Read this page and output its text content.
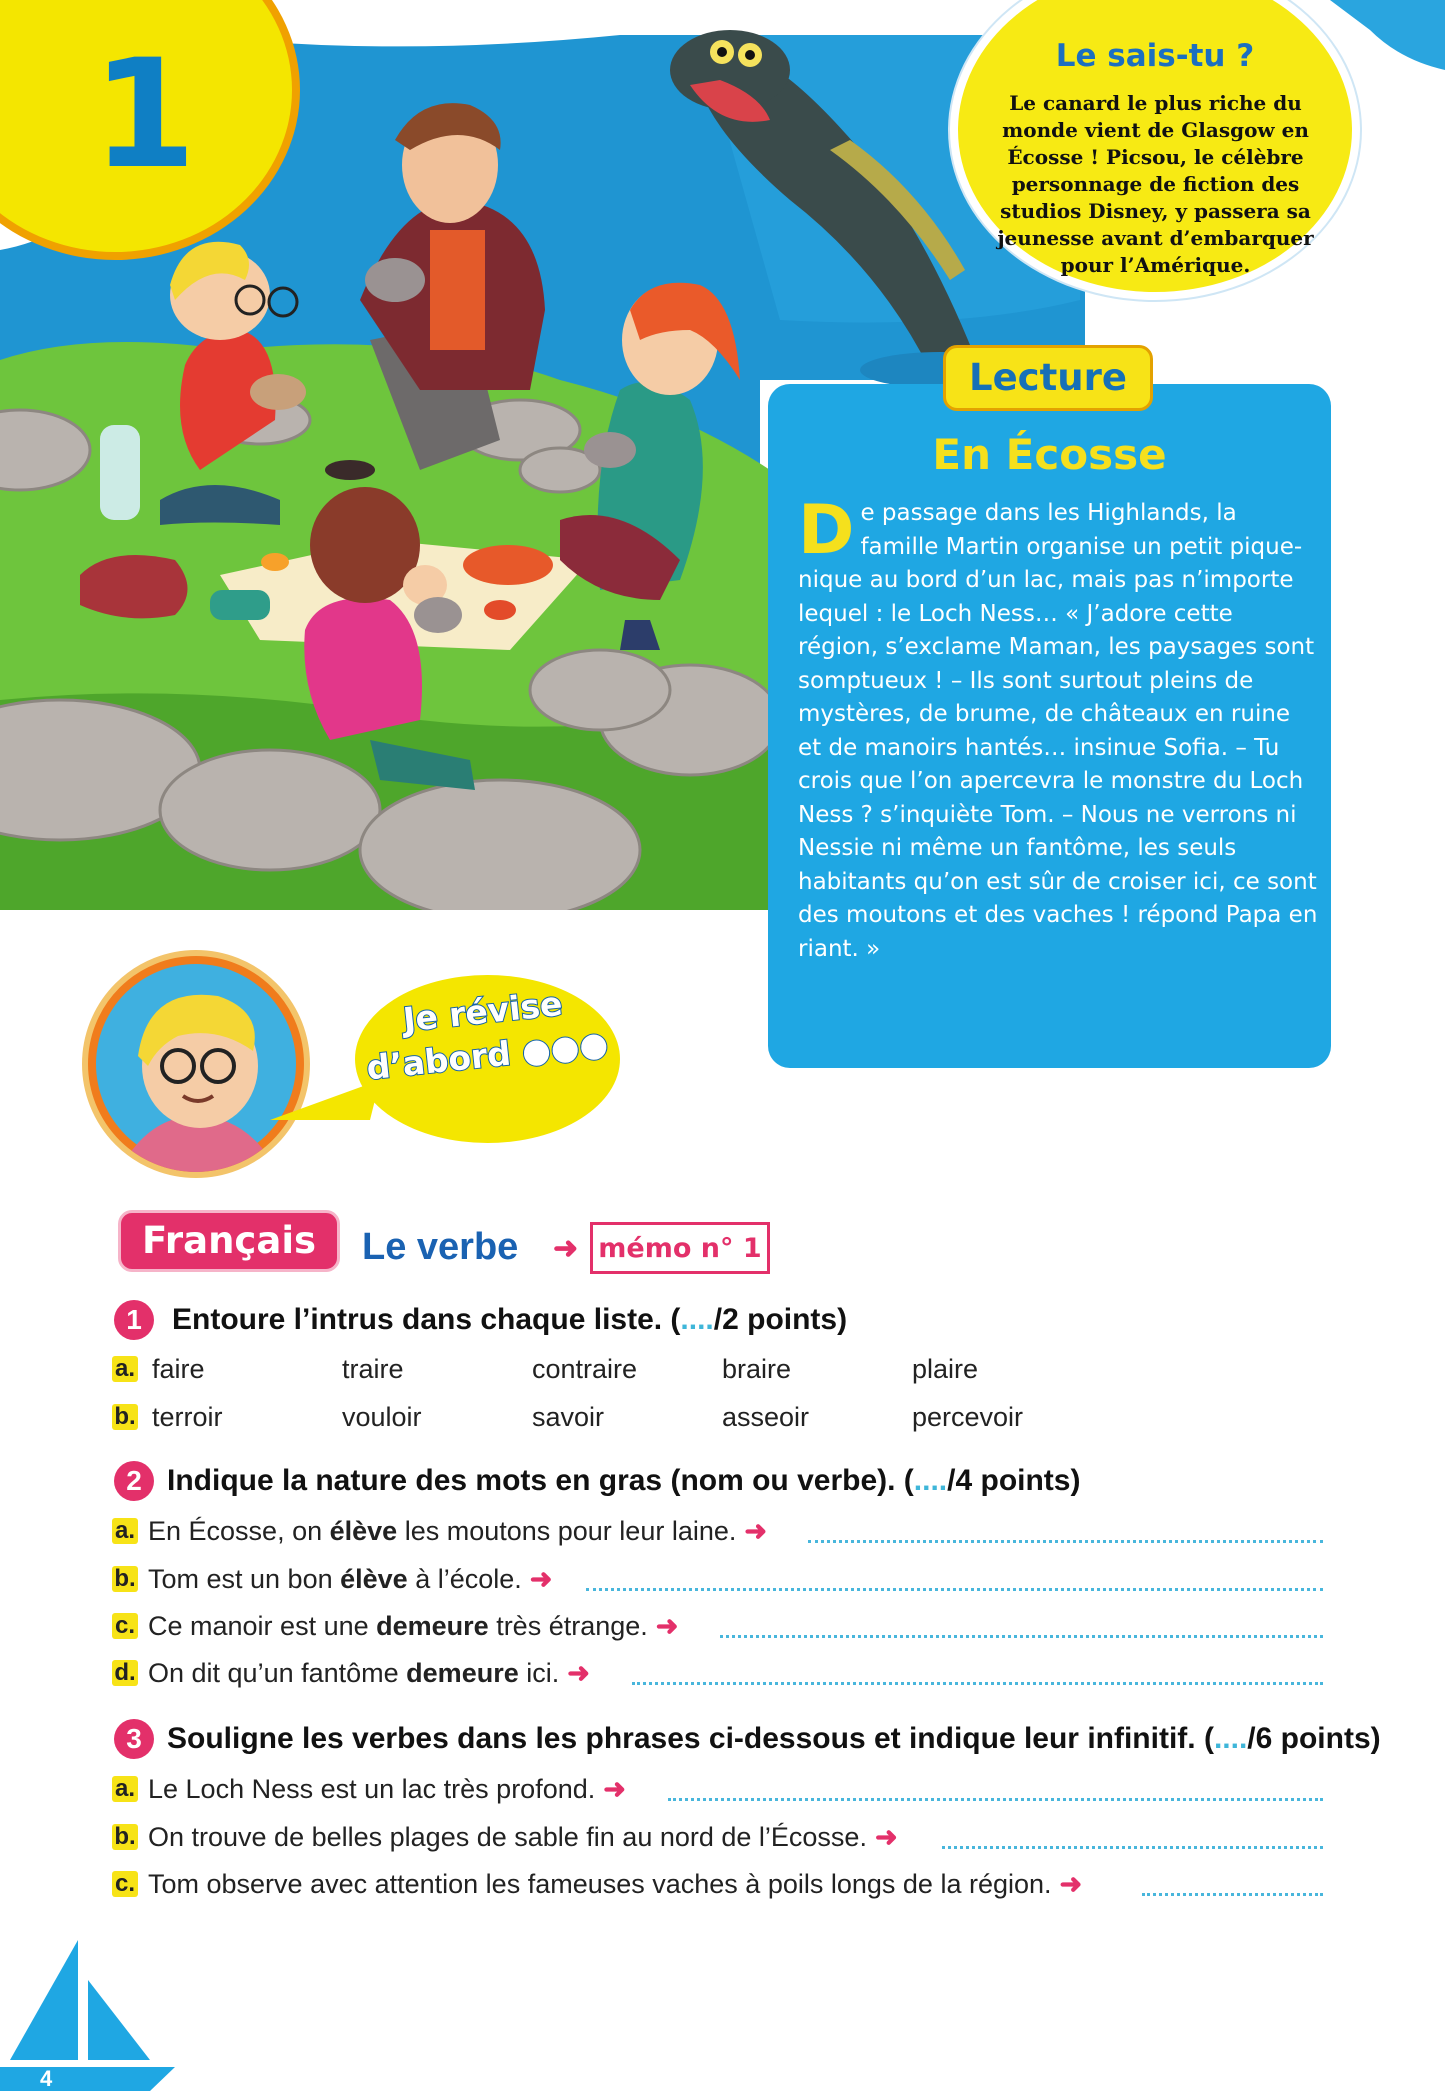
1	Le sais-tu ?
Le canard le plus riche du monde vient de Glasgow en Écosse ! Picsou, le célèbre personnage de fiction des studios Disney, y passera sa jeunesse avant d’embarquer pour l’Amérique.
Lecture
En Écosse
De passage dans les Highlands, la famille Martin organise un petit pique-nique au bord d’un lac, mais pas n’importe lequel : le Loch Ness… « J’adore cette région, s’exclame Maman, les paysages sont somptueux ! – Ils sont surtout pleins de mystères, de brume, de châteaux en ruine et de manoirs hantés… insinue Sofia. – Tu crois que l’on apercevra le monstre du Loch Ness ? s’inquiète Tom. – Nous ne verrons ni Nessie ni même un fantôme, les seuls habitants qu’on est sûr de croiser ici, ce sont des moutons et des vaches ! répond Papa en riant. »
Je révise
d’abord ●●●
Français	Le verbe ➜ mémo n° 1
1	Entoure l’intrus dans chaque liste. (..../2 points)
a. faire	traire	contraire	braire	plaire
b. terroir	vouloir	savoir	asseoir	percevoir
2 Indique la nature des mots en gras (nom ou verbe). (..../4 points)
a. En Écosse, on élève les moutons pour leur laine. ➜
b. Tom est un bon élève à l’école. ➜
c. Ce manoir est une demeure très étrange. ➜
d. On dit qu’un fantôme demeure ici. ➜
3 Souligne les verbes dans les phrases ci-dessous et indique leur infinitif. (..../6 points)
a. Le Loch Ness est un lac très profond. ➜
b. On trouve de belles plages de sable fin au nord de l’Écosse. ➜
c. Tom observe avec attention les fameuses vaches à poils longs de la région. ➜
4
